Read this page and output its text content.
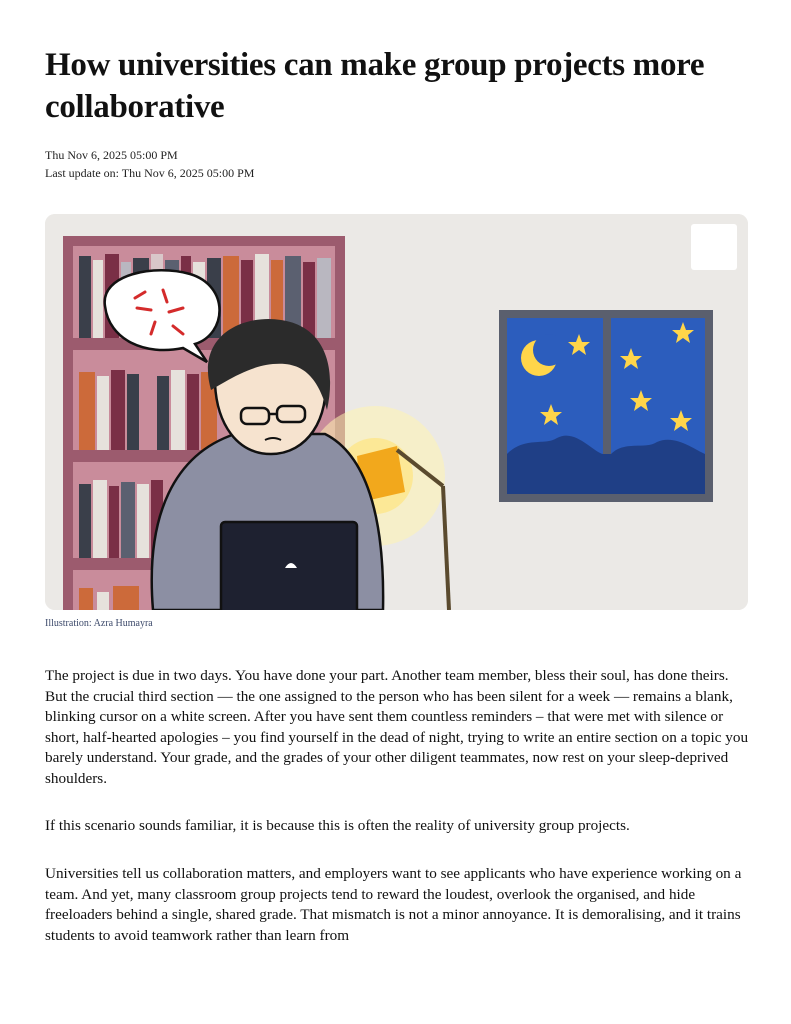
How universities can make group projects more collaborative
Thu Nov 6, 2025 05:00 PM
Last update on: Thu Nov 6, 2025 05:00 PM
Illustration: Azra Humayra

The project is due in two days. You have done your part. Another team member, bless their soul, has done theirs. But the crucial third section — the one assigned to the person who has been silent for a week — remains a blank, blinking cursor on a white screen. After you have sent them countless reminders – that were met with silence or short, half-hearted apologies – you find yourself in the dead of night, trying to write an entire section on a topic you barely understand. Your grade, and the grades of your other diligent teammates, now rest on your sleep-deprived shoulders.

If this scenario sounds familiar, it is because this is often the reality of university group projects.

Universities tell us collaboration matters, and employers want to see applicants who have experience working on a team. And yet, many classroom group projects tend to reward the loudest, overlook the organised, and hide freeloaders behind a single, shared grade. That mismatch is not a minor annoyance. It is demoralising, and it trains students to avoid teamwork rather than learn from
